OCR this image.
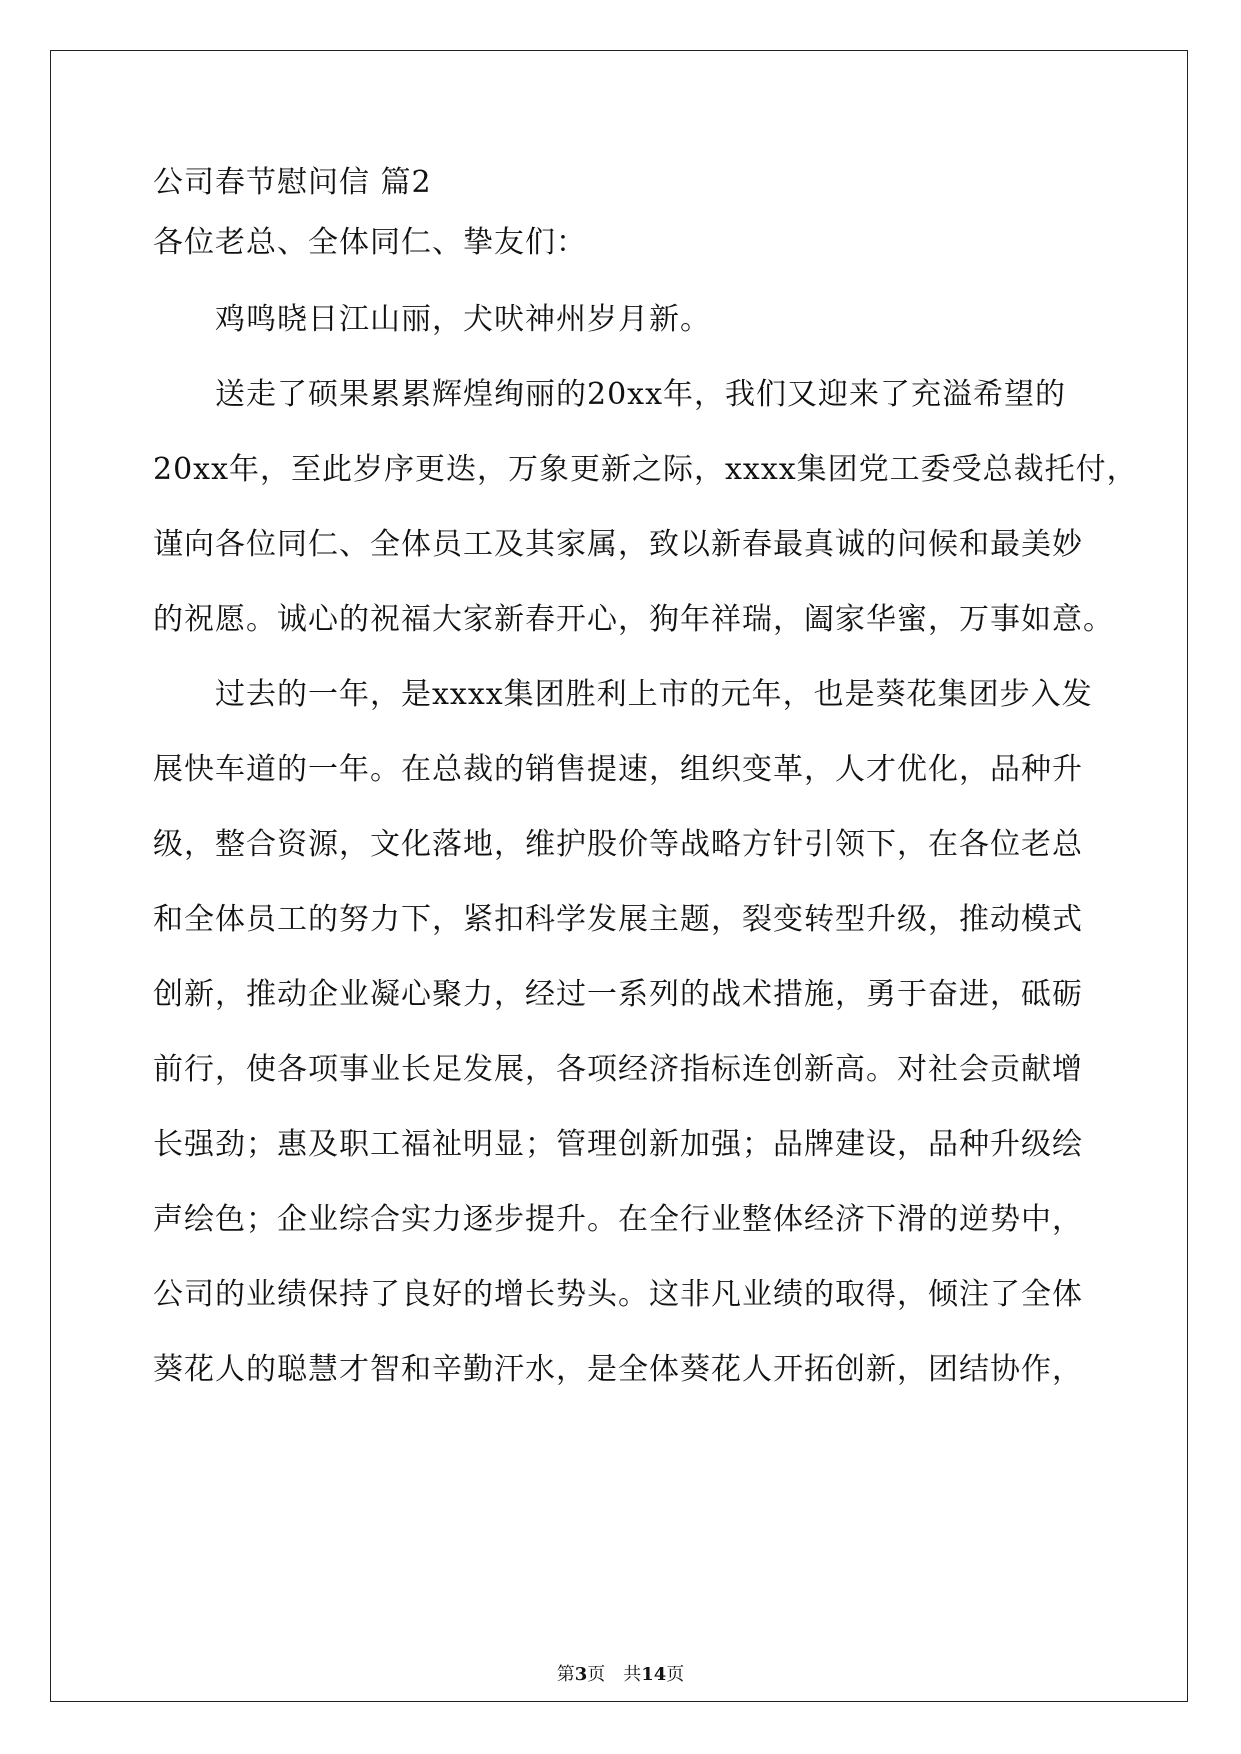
公司春节慰问信 篇2
各位老总、全体同仁、挚友们：
鸡鸣晓日江山丽，犬吠神州岁月新。
送走了硕果累累辉煌绚丽的20xx年，我们又迎来了充溢希望的
20xx年，至此岁序更迭，万象更新之际，xxxx集团党工委受总裁托付，
谨向各位同仁、全体员工及其家属，致以新春最真诚的问候和最美妙
的祝愿。诚心的祝福大家新春开心，狗年祥瑞，阖家华蜜，万事如意。
过去的一年，是xxxx集团胜利上市的元年，也是葵花集团步入发
展快车道的一年。在总裁的销售提速，组织变革，人才优化，品种升
级，整合资源，文化落地，维护股价等战略方针引领下，在各位老总
和全体员工的努力下，紧扣科学发展主题，裂变转型升级，推动模式
创新，推动企业凝心聚力，经过一系列的战术措施，勇于奋进，砥砺
前行，使各项事业长足发展，各项经济指标连创新高。对社会贡献增
长强劲；惠及职工福祉明显；管理创新加强；品牌建设，品种升级绘
声绘色；企业综合实力逐步提升。在全行业整体经济下滑的逆势中，
公司的业绩保持了良好的增长势头。这非凡业绩的取得，倾注了全体
葵花人的聪慧才智和辛勤汗水，是全体葵花人开拓创新，团结协作，
第3页　共14页
